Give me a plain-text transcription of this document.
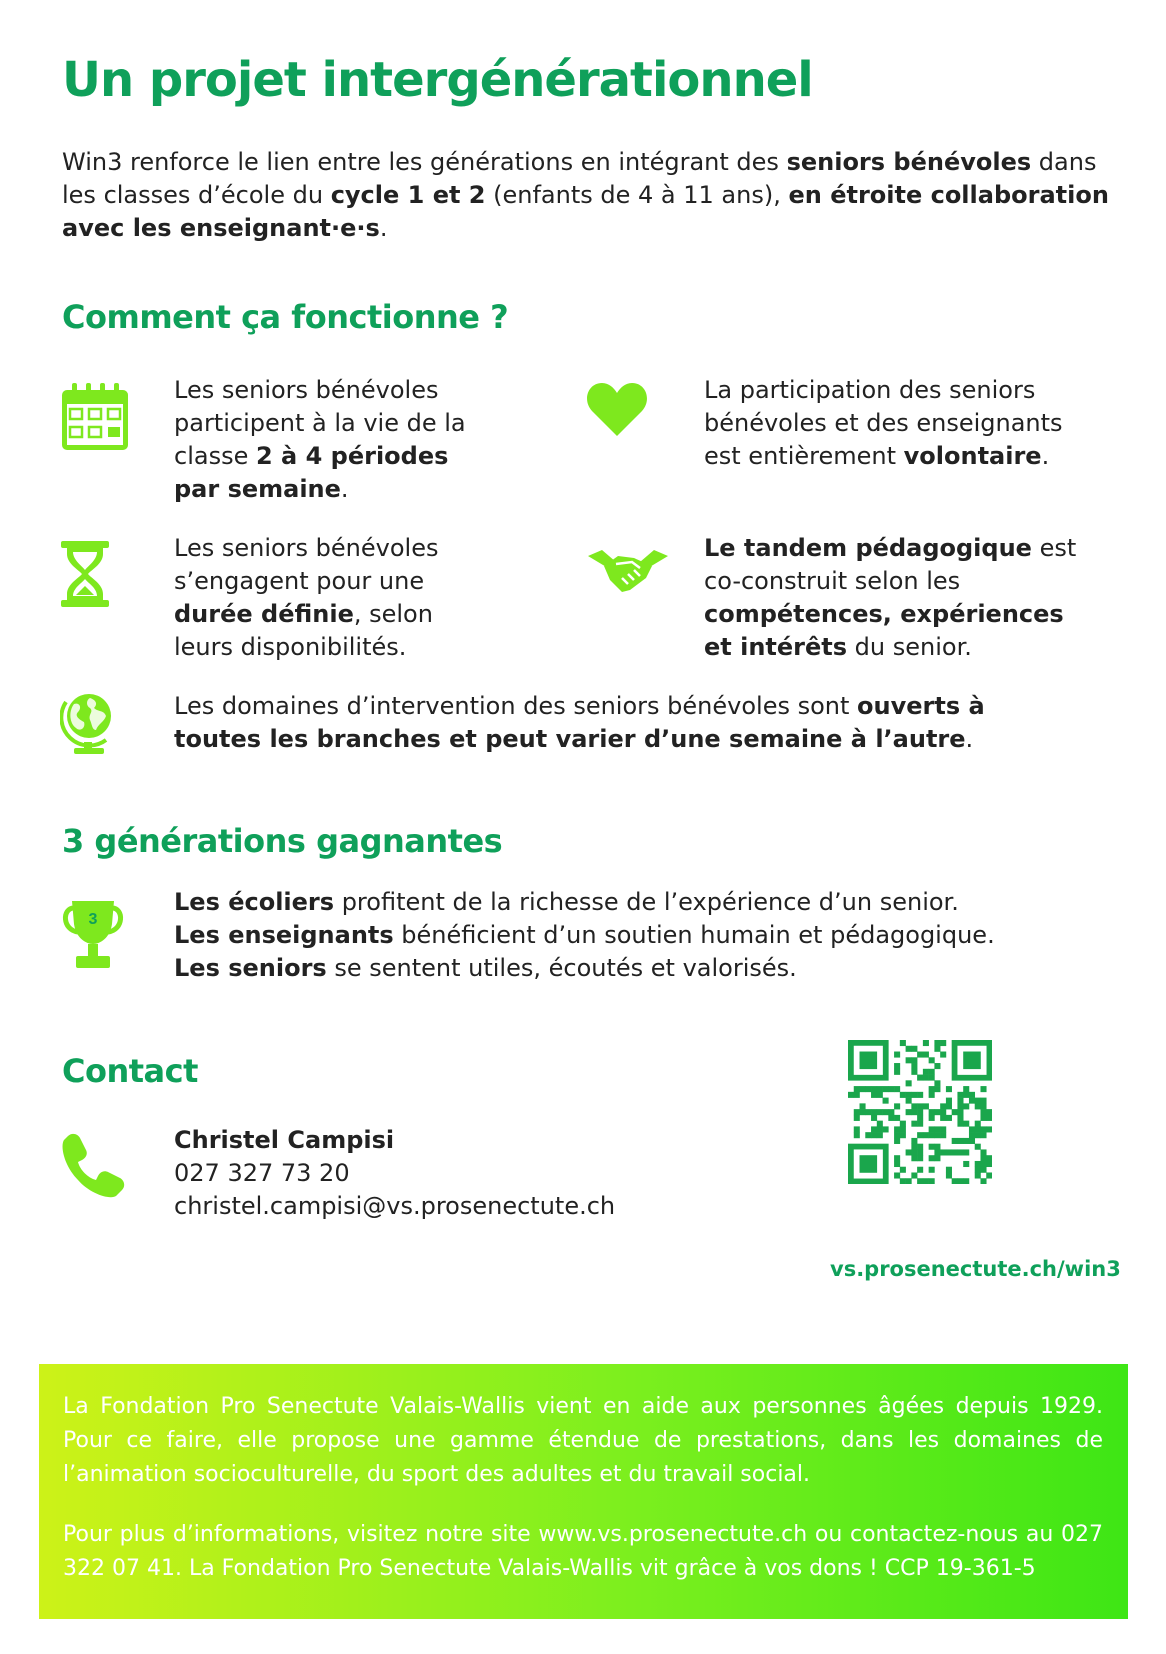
Un projet intergénérationnel
Win3 renforce le lien entre les générations en intégrant des seniors bénévoles dans les classes d’école du cycle 1 et 2 (enfants de 4 à 11 ans), en étroite collaboration avec les enseignant·e·s.
Comment ça fonctionne ?
Les seniors bénévoles participent à la vie de la classe 2 à 4 périodes par semaine.
La participation des seniors bénévoles et des enseignants est entièrement volontaire.
Les seniors bénévoles s’engagent pour une durée définie, selon leurs disponibilités.
Le tandem pédagogique est co-construit selon les compétences, expériences et intérêts du senior.
Les domaines d’intervention des seniors bénévoles sont ouverts à toutes les branches et peut varier d’une semaine à l’autre.
3 générations gagnantes
3
Les écoliers profitent de la richesse de l’expérience d’un senior.
Les enseignants bénéficient d’un soutien humain et pédagogique.
Les seniors se sentent utiles, écoutés et valorisés.
Contact
Christel Campisi
027 327 73 20
christel.campisi@vs.prosenectute.ch
vs.prosenectute.ch/win3

La Fondation Pro Senectute Valais-Wallis vient en aide aux personnes âgées depuis 1929. Pour ce faire, elle propose une gamme étendue de prestations, dans les domaines de l’animation socioculturelle, du sport des adultes et du travail social.

Pour plus d’informations, visitez notre site www.vs.prosenectute.ch ou contactez-nous au 027 322 07 41. La Fondation Pro Senectute Valais-Wallis vit grâce à vos dons ! CCP 19-361-5
